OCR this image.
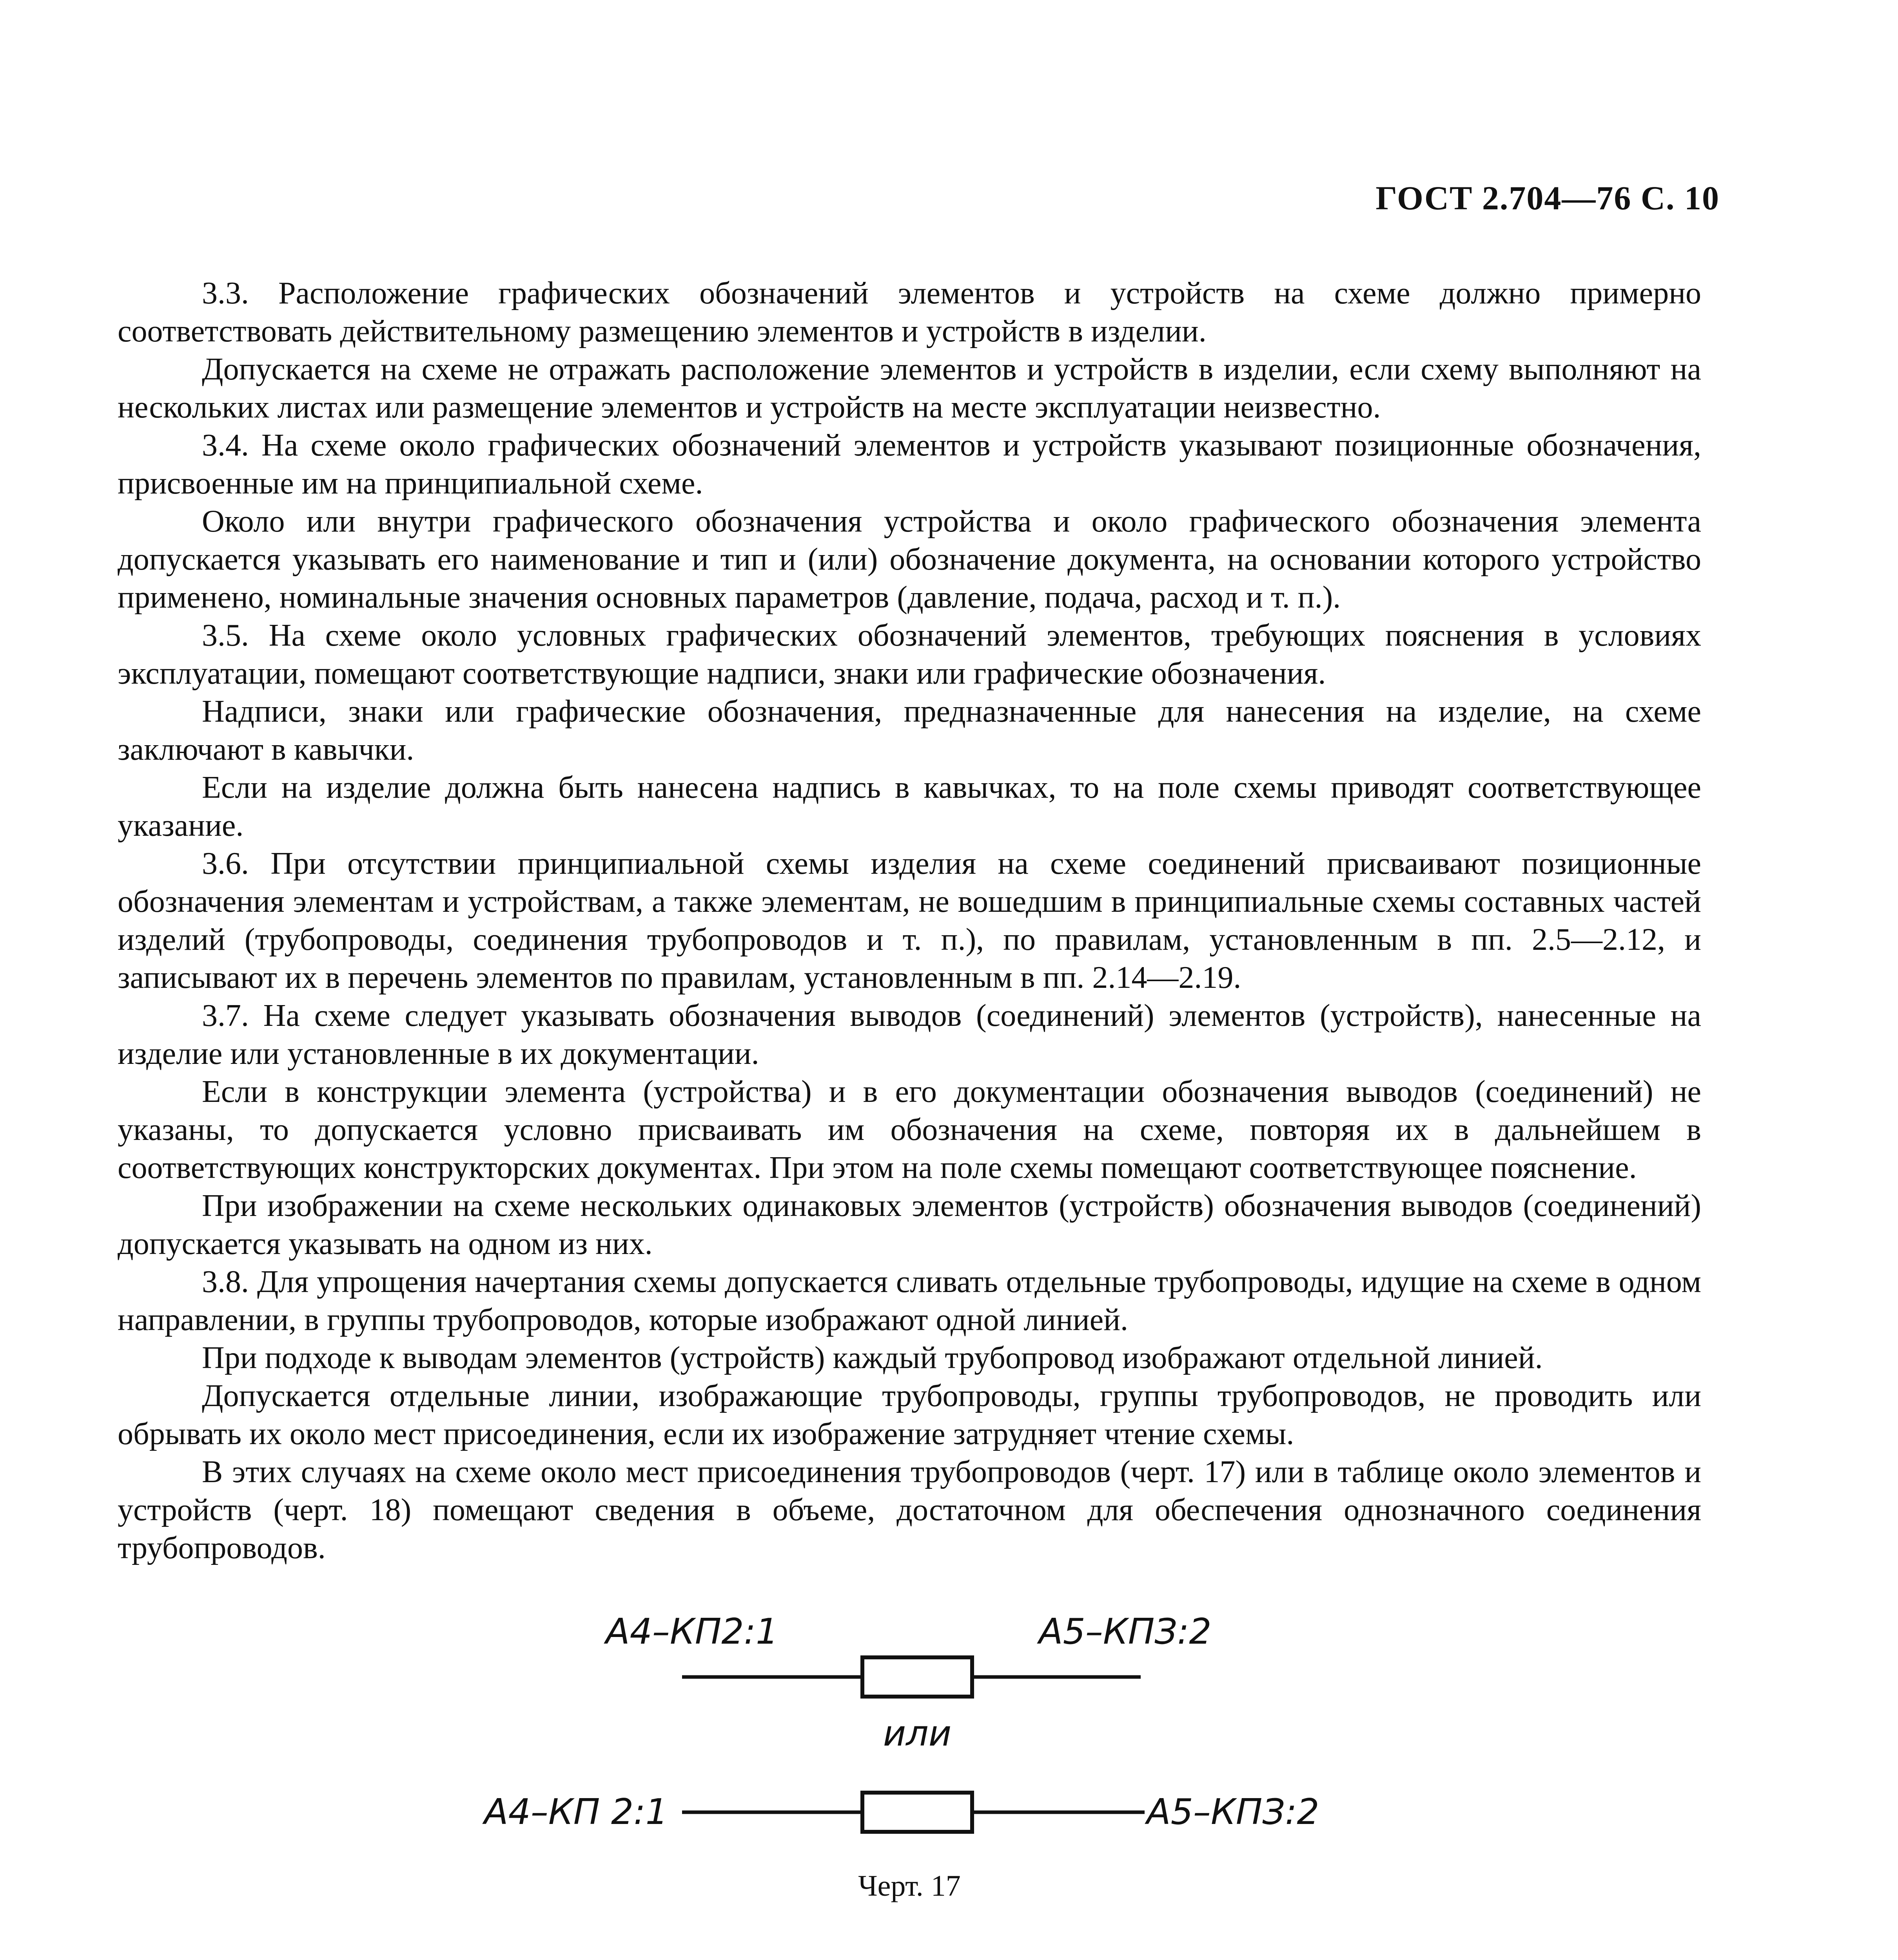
ГОСТ 2.704—76 С. 10

3.3. Расположение графических обозначений элементов и устройств на схеме должно примерно соответствовать действительному размещению элементов и устройств в изделии.

Допускается на схеме не отражать расположение элементов и устройств в изделии, если схему выполняют на нескольких листах или размещение элементов и устройств на месте эксплуатации неизвестно.

3.4. На схеме около графических обозначений элементов и устройств указывают позиционные обозначения, присвоенные им на принципиальной схеме.

Около или внутри графического обозначения устройства и около графического обозначения элемента допускается указывать его наименование и тип и (или) обозначение документа, на основании которого устройство применено, номинальные значения основных параметров (давление, подача, расход и т. п.).

3.5. На схеме около условных графических обозначений элементов, требующих пояснения в условиях эксплуатации, помещают соответствующие надписи, знаки или графические обозначения.

Надписи, знаки или графические обозначения, предназначенные для нанесения на изделие, на схеме заключают в кавычки.

Если на изделие должна быть нанесена надпись в кавычках, то на поле схемы приводят соответствующее указание.

3.6. При отсутствии принципиальной схемы изделия на схеме соединений присваивают позиционные обозначения элементам и устройствам, а также элементам, не вошедшим в принципиальные схемы составных частей изделий (трубопроводы, соединения трубопроводов и т. п.), по правилам, установленным в пп. 2.5—2.12, и записывают их в перечень элементов по правилам, установленным в пп. 2.14—2.19.

3.7. На схеме следует указывать обозначения выводов (соединений) элементов (устройств), нанесенные на изделие или установленные в их документации.

Если в конструкции элемента (устройства) и в его документации обозначения выводов (соединений) не указаны, то допускается условно присваивать им обозначения на схеме, повторяя их в дальнейшем в соответствующих конструкторских документах. При этом на поле схемы помещают соответствующее пояснение.

При изображении на схеме нескольких одинаковых элементов (устройств) обозначения выводов (соединений) допускается указывать на одном из них.

3.8. Для упрощения начертания схемы допускается сливать отдельные трубопроводы, идущие на схеме в одном направлении, в группы трубопроводов, которые изображают одной линией.

При подходе к выводам элементов (устройств) каждый трубопровод изображают отдельной линией.

Допускается отдельные линии, изображающие трубопроводы, группы трубопроводов, не проводить или обрывать их около мест присоединения, если их изображение затрудняет чтение схемы.

В этих случаях на схеме около мест присоединения трубопроводов (черт. 17) или в таблице около элементов и устройств (черт. 18) помещают сведения в объеме, достаточном для обеспечения однозначного соединения трубопроводов.

А4–КП2:1	А5–КПЗ:2
или
А4–КП 2:1	А5–КПЗ:2
Черт. 17
